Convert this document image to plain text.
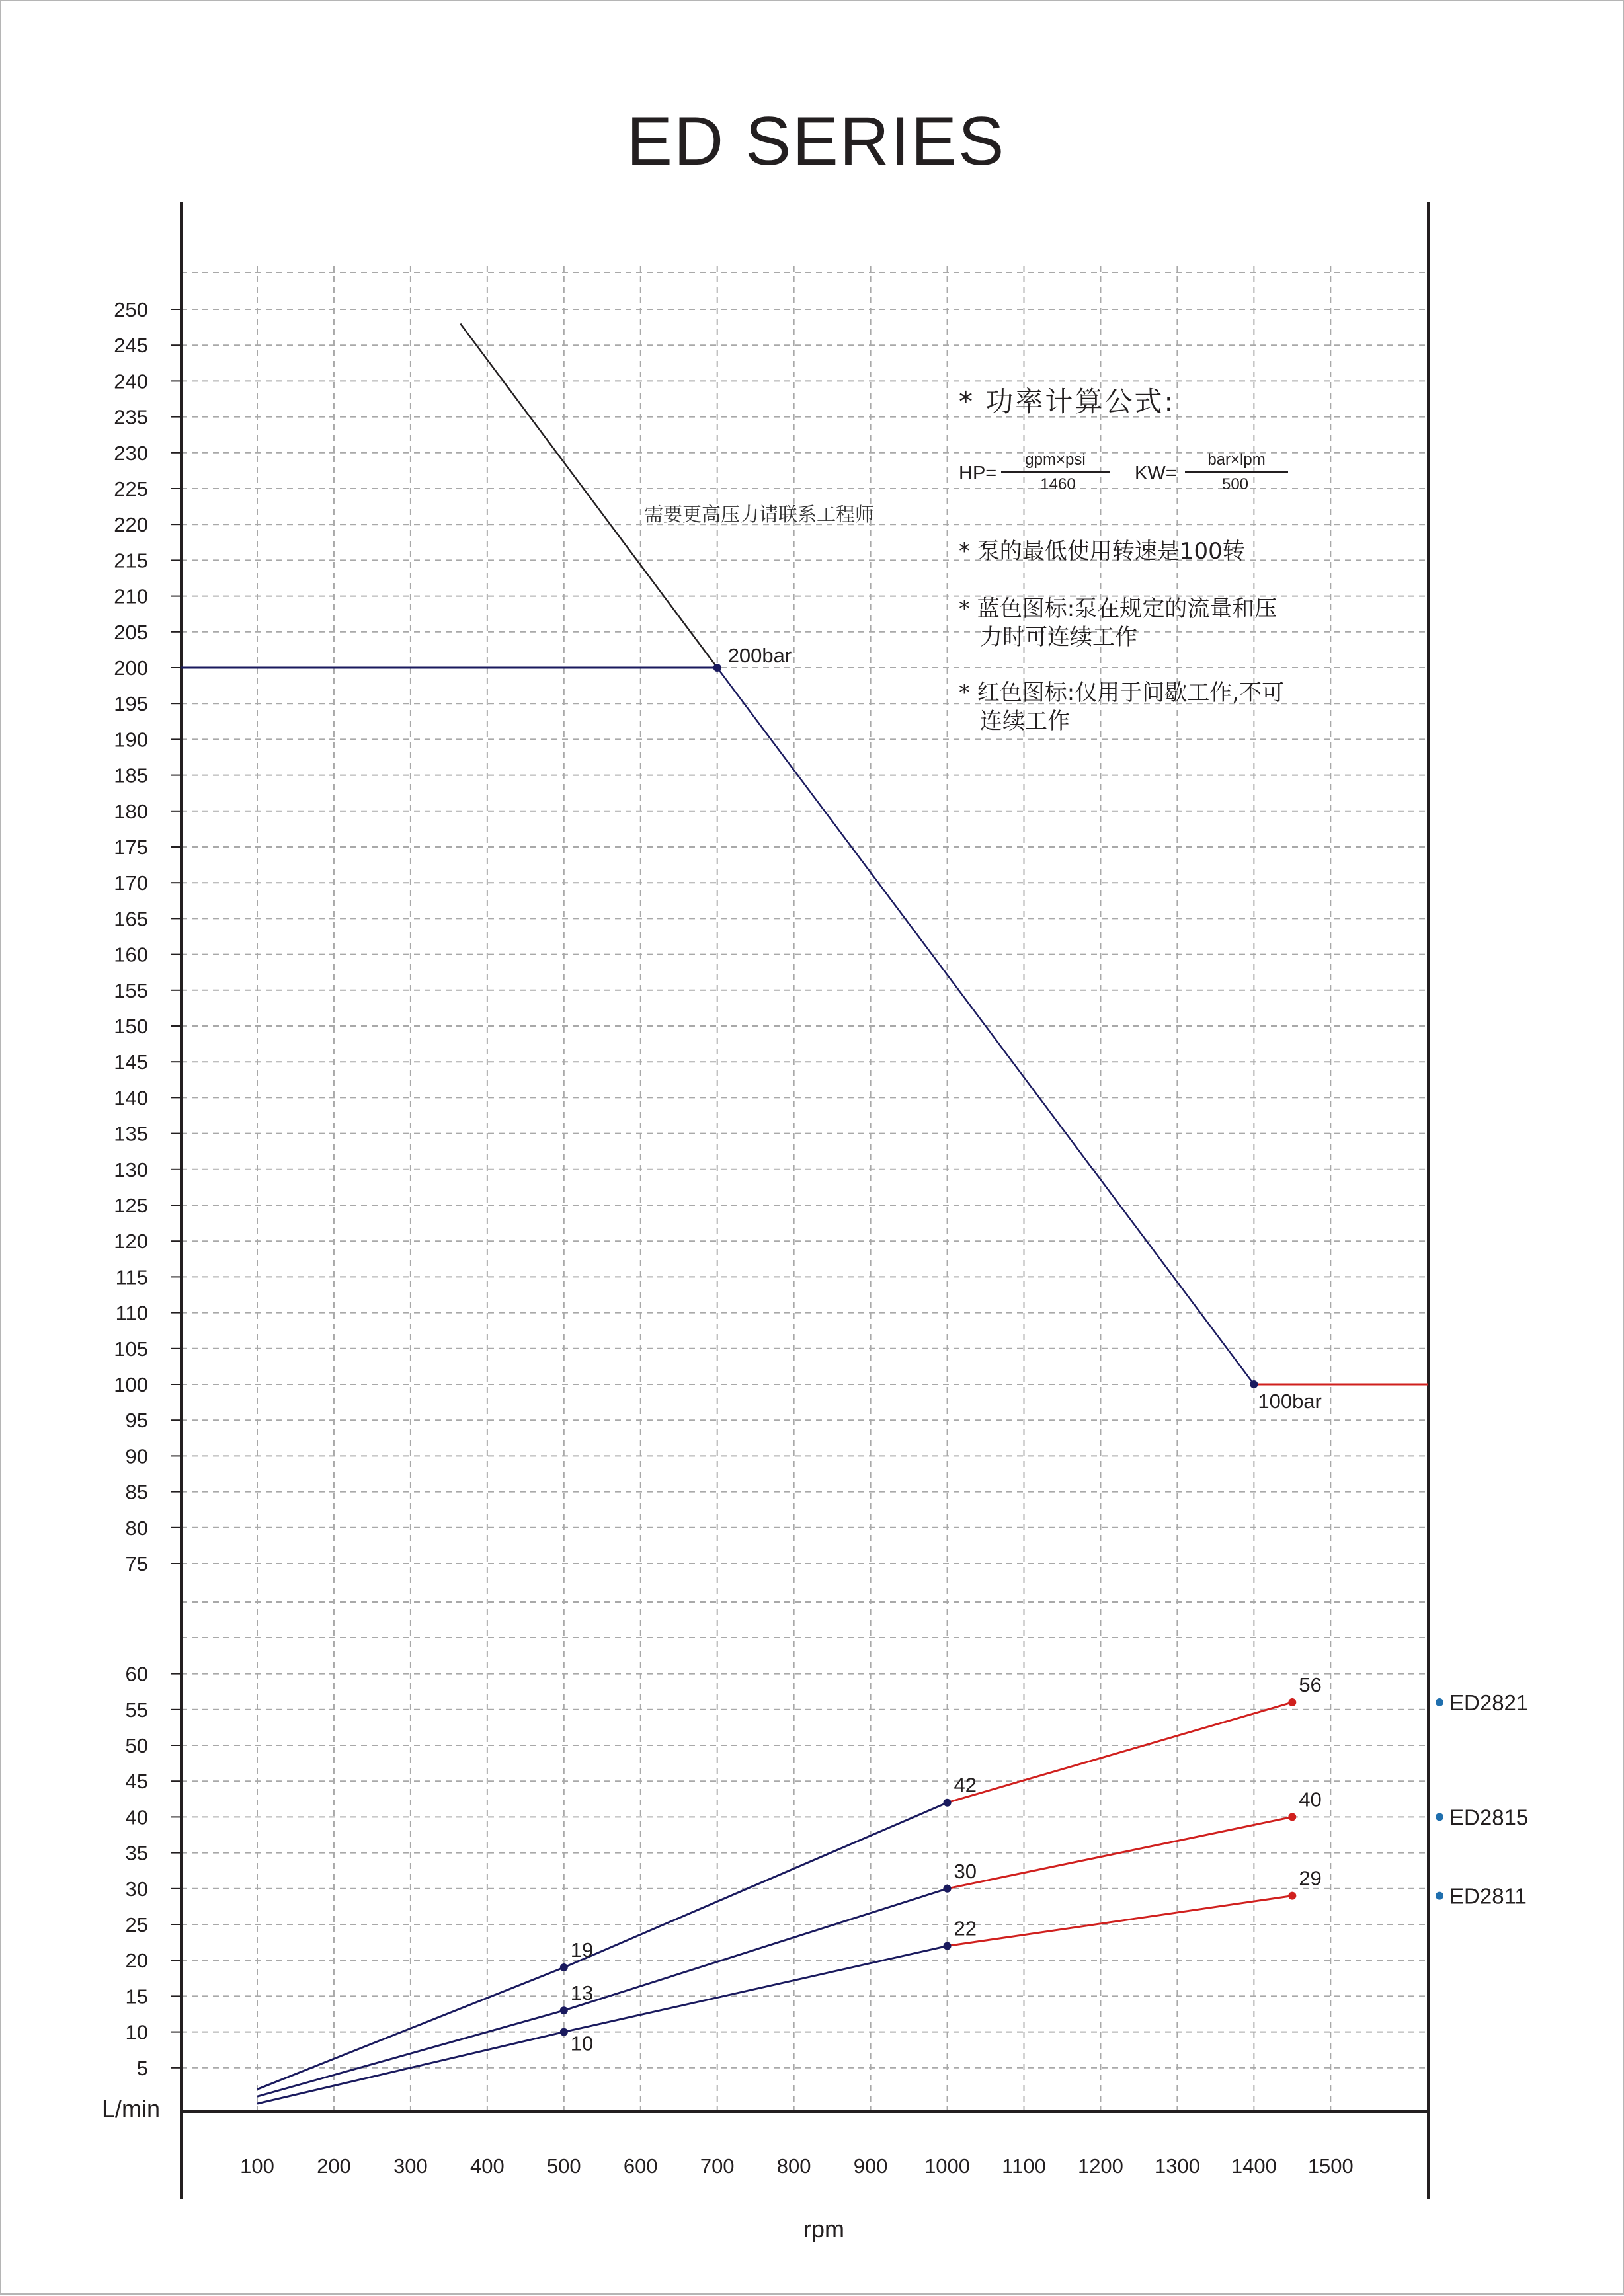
ED SERIES
250
245
240
235
230
225
220
215
210
205
200
195
190
185
180
175
170
165
160
155
150
145
140
135
130
125
120
115
110
105
100
95
90
85
80
75
60
55
50
45
40
35
30
25
20
15
10
5
100 200 300 400 500 600 700 800 900 1000 1100 1200 1300 1400 1500
L/min
rpm
200bar
100bar
19
42
56
13
30
40
10
22
29
ED2821
ED2815
ED2811
需要更高压力请联系工程师
* 功率计算公式:
HP=
gpm×psi
1460
KW=
bar×lpm
500
* 泵的最低使用转速是100转
* 蓝色图标:泵在规定的流量和压
力时可连续工作
* 红色图标:仅用于间歇工作,不可
连续工作
